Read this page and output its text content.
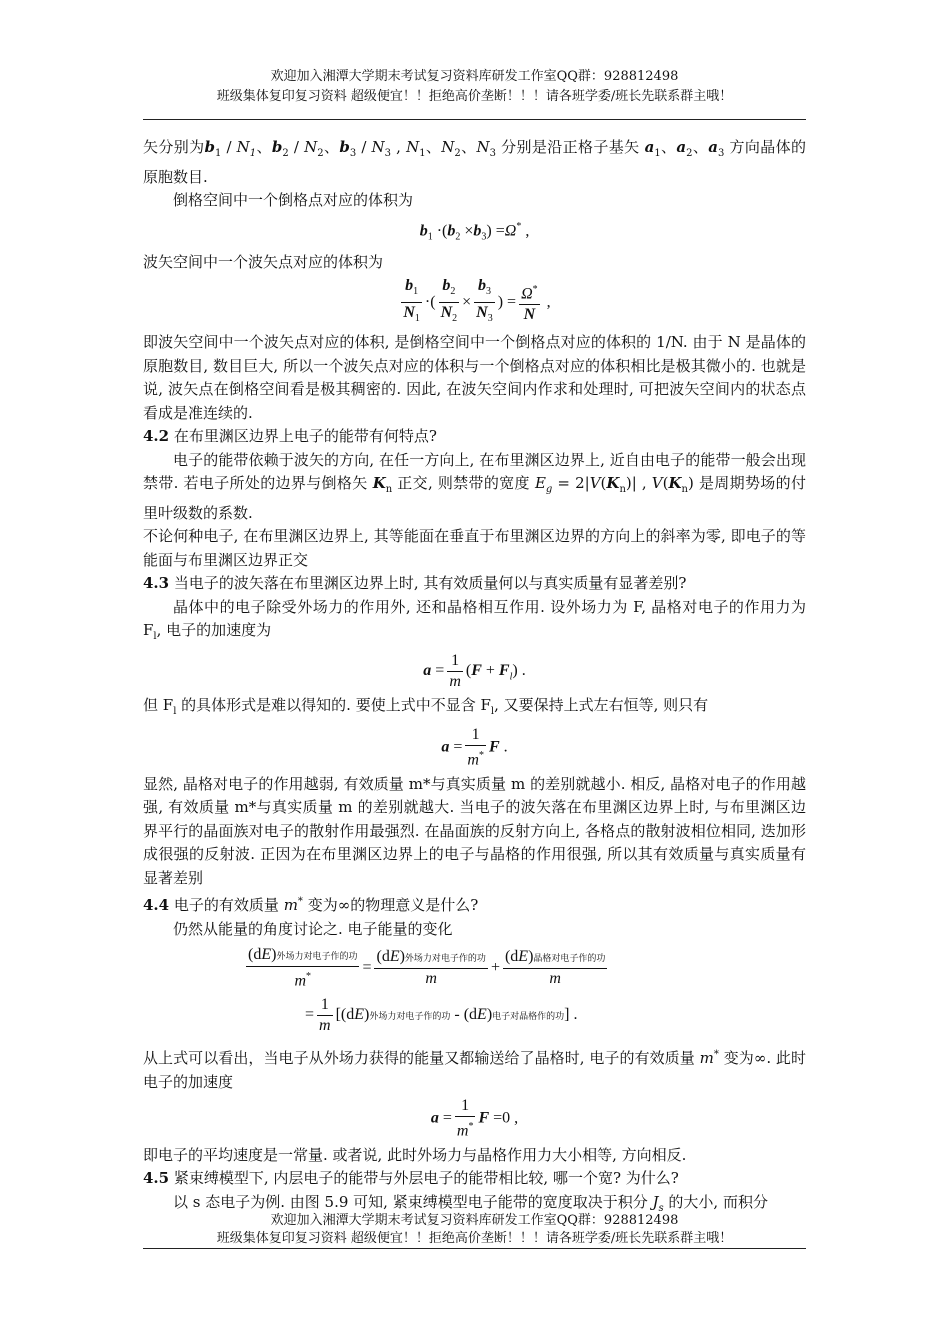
欢迎加入湘潭大学期末考试复习资料库研发工作室QQ群：928812498
班级集体复印复习资料 超级便宜！！拒绝高价垄断！！！请各班学委/班长先联系群主哦！

矢分别为$b_1 / N_1$、$b_2 / N_2$、$b_3 / N_3$ , $N_1$、$N_2$、$N_3$ 分别是沿正格子基矢 $a_1$、$a_2$、$a_3$ 方向晶体的原胞数目.

倒格空间中一个倒格点对应的体积为

$b_1 \cdot(b_2 \times b_3) =\Omega^*$ ,

波矢空间中一个波矢点对应的体积为

$\frac{b_1}{N_1}$ ·( $\frac{b_2}{N_2} \times \frac{b_3}{N_3}$ ) = $\frac{\Omega^*}{N}$ ,

即波矢空间中一个波矢点对应的体积, 是倒格空间中一个倒格点对应的体积的 1/N. 由于 N 是晶体的原胞数目, 数目巨大, 所以一个波矢点对应的体积与一个倒格点对应的体积相比是极其微小的. 也就是说, 波矢点在倒格空间看是极其稠密的. 因此, 在波矢空间内作求和处理时, 可把波矢空间内的状态点看成是准连续的.

4.2 在布里渊区边界上电子的能带有何特点?

电子的能带依赖于波矢的方向, 在任一方向上, 在布里渊区边界上, 近自由电子的能带一般会出现禁带. 若电子所处的边界与倒格矢 $K_n$ 正交, 则禁带的宽度 $E_g = 2|V(K_n)|$ , $V(K_n)$ 是周期势场的付里叶级数的系数.

不论何种电子, 在布里渊区边界上, 其等能面在垂直于布里渊区边界的方向上的斜率为零, 即电子的等能面与布里渊区边界正交

4.3 当电子的波矢落在布里渊区边界上时, 其有效质量何以与真实质量有显著差别?

晶体中的电子除受外场力的作用外, 还和晶格相互作用. 设外场力为 F, 晶格对电子的作用力为 $F_l$, 电子的加速度为

$a = \frac{1}{m} (F + F_l)$ .

但 $F_l$ 的具体形式是难以得知的. 要使上式中不显含 $F_l$, 又要保持上式左右恒等, 则只有

$a = \frac{1}{m^*}$ F .

显然, 晶格对电子的作用越弱, 有效质量 m*与真实质量 m 的差别就越小. 相反, 晶格对电子的作用越强, 有效质量 m*与真实质量 m 的差别就越大. 当电子的波矢落在布里渊区边界上时, 与布里渊区边界平行的晶面族对电子的散射作用最强烈. 在晶面族的反射方向上, 各格点的散射波相位相同, 迭加形成很强的反射波. 正因为在布里渊区边界上的电子与晶格的作用很强, 所以其有效质量与真实质量有显著差别

4.4 电子的有效质量 m* 变为∞的物理意义是什么?

仍然从能量的角度讨论之. 电子能量的变化

$\frac{\text{(dE)外场力对电子作的功}}{m^*} = \frac{\text{(dE)外场力对电子作的功}}{m} + \frac{\text{(dE)晶格对电子作的功}}{m}$
= $\frac{1}{m} [(dE)$外场力对电子作的功 - (dE)电子对晶格作的功] .

从上式可以看出，当电子从外场力获得的能量又都输送给了晶格时, 电子的有效质量 m* 变为∞. 此时电子的加速度

$a = \frac{1}{m^*}$ F =0 ,

即电子的平均速度是一常量. 或者说, 此时外场力与晶格作用力大小相等, 方向相反.

4.5 紧束缚模型下, 内层电子的能带与外层电子的能带相比较, 哪一个宽? 为什么?

以 s 态电子为例. 由图 5.9 可知, 紧束缚模型电子能带的宽度取决于积分 $J_s$ 的大小, 而积分

欢迎加入湘潭大学期末考试复习资料库研发工作室QQ群：928812498
班级集体复印复习资料 超级便宜！！拒绝高价垄断！！！请各班学委/班长先联系群主哦！
